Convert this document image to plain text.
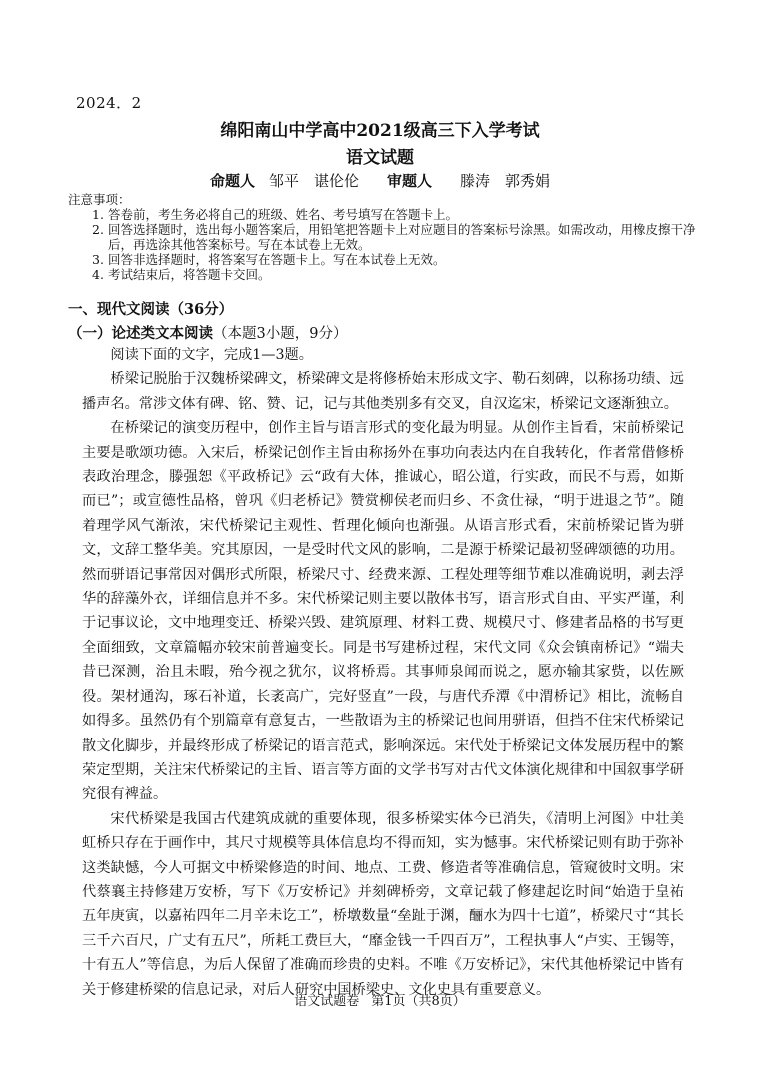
2024．2
绵阳南山中学高中2021级高三下入学考试
语文试题
命题人 邹平　谌伦伦 审题人 滕涛　郭秀娟
注意事项：
1. 答卷前，考生务必将自己的班级、姓名、考号填写在答题卡上。
2. 回答选择题时，选出每小题答案后，用铅笔把答题卡上对应题目的答案标号涂黑。如需改动，用橡皮擦干净后，再选涂其他答案标号。写在本试卷上无效。
3. 回答非选择题时，将答案写在答题卡上。写在本试卷上无效。
4. 考试结束后，将答题卡交回。
一、现代文阅读（36分）
（一）论述类文本阅读（本题3小题，9分）

阅读下面的文字，完成1—3题。

桥梁记脱胎于汉魏桥梁碑文，桥梁碑文是将修桥始末形成文字、勒石刻碑，以称扬功绩、远播声名。常涉文体有碑、铭、赞、记，记与其他类别多有交叉，自汉迄宋，桥梁记文逐渐独立。

在桥梁记的演变历程中，创作主旨与语言形式的变化最为明显。从创作主旨看，宋前桥梁记主要是歌颂功德。入宋后，桥梁记创作主旨由称扬外在事功向表达内在自我转化，作者常借修桥表政治理念，滕强恕《平政桥记》云“政有大体，推诚心，昭公道，行实政，而民不与焉，如斯而已”；或宣德性品格，曾巩《归老桥记》赞赏柳侯老而归乡、不贪仕禄，“明于进退之节”。随着理学风气渐浓，宋代桥梁记主观性、哲理化倾向也渐强。从语言形式看，宋前桥梁记皆为骈文，文辞工整华美。究其原因，一是受时代文风的影响，二是源于桥梁记最初竖碑颂德的功用。然而骈语记事常因对偶形式所限，桥梁尺寸、经费来源、工程处理等细节难以准确说明，剥去浮华的辞藻外衣，详细信息并不多。宋代桥梁记则主要以散体书写，语言形式自由、平实严谨，利于记事议论，文中地理变迁、桥梁兴毁、建筑原理、材料工费、规模尺寸、修建者品格的书写更全面细致，文章篇幅亦较宋前普遍变长。同是书写建桥过程，宋代文同《众会镇南桥记》“端夫昔已深测，治且未暇，殆今视之犹尔，议将桥焉。其事师泉闻而说之，愿亦输其家赀，以佐厥役。架材通沟，琢石补道，长袤高广，完好竖直”一段，与唐代乔潭《中渭桥记》相比，流畅自如得多。虽然仍有个别篇章有意复古，一些散语为主的桥梁记也间用骈语，但挡不住宋代桥梁记散文化脚步，并最终形成了桥梁记的语言范式，影响深远。宋代处于桥梁记文体发展历程中的繁荣定型期，关注宋代桥梁记的主旨、语言等方面的文学书写对古代文体演化规律和中国叙事学研究很有裨益。

宋代桥梁是我国古代建筑成就的重要体现，很多桥梁实体今已消失，《清明上河图》中壮美虹桥只存在于画作中，其尺寸规模等具体信息均不得而知，实为憾事。宋代桥梁记则有助于弥补这类缺憾，今人可据文中桥梁修造的时间、地点、工费、修造者等准确信息，管窥彼时文明。宋代蔡襄主持修建万安桥，写下《万安桥记》并刻碑桥旁，文章记载了修建起讫时间“始造于皇祐五年庚寅，以嘉祐四年二月辛未讫工”，桥墩数量“垒趾于渊，酾水为四十七道”，桥梁尺寸“其长三千六百尺，广丈有五尺”，所耗工费巨大，“靡金钱一千四百万”，工程执事人“卢实、王锡等，十有五人”等信息，为后人保留了准确而珍贵的史料。不唯《万安桥记》，宋代其他桥梁记中皆有关于修建桥梁的信息记录，对后人研究中国桥梁史、文化史具有重要意义。

语文试题卷 第1页（共8页）
